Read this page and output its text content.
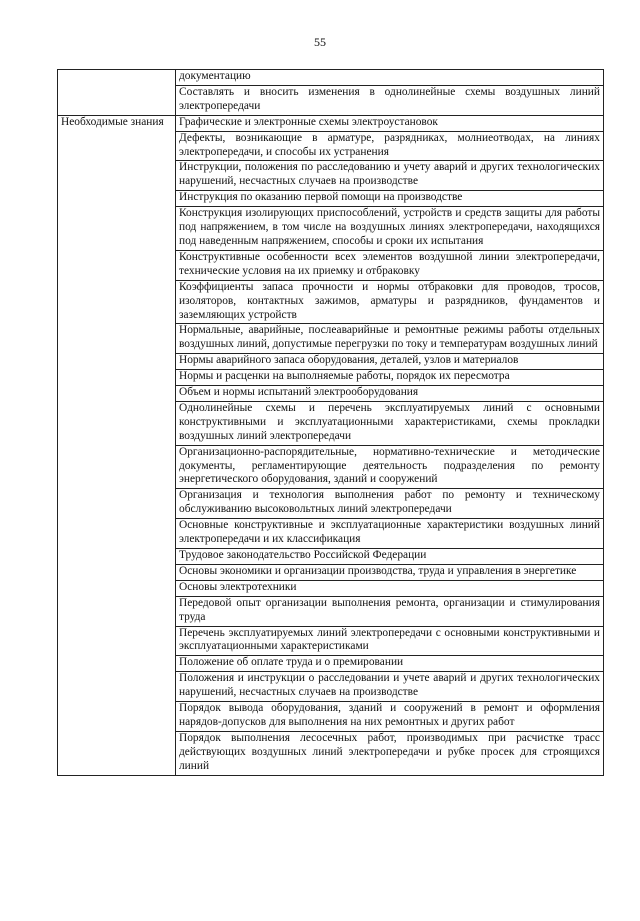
55
	документацию
	Составлять и вносить изменения в однолинейные схемы воздушных линий электропередачи
Необходимые знания	Графические и электронные схемы электроустановок
	Дефекты, возникающие в арматуре, разрядниках, молниеотводах, на линиях электропередачи, и способы их устранения
	Инструкции, положения по расследованию и учету аварий и других технологических нарушений, несчастных случаев на производстве
	Инструкция по оказанию первой помощи на производстве
	Конструкция изолирующих приспособлений, устройств и средств защиты для работы под напряжением, в том числе на воздушных линиях электропередачи, находящихся под наведенным напряжением, способы и сроки их испытания
	Конструктивные особенности всех элементов воздушной линии электропередачи, технические условия на их приемку и отбраковку
	Коэффициенты запаса прочности и нормы отбраковки для проводов, тросов, изоляторов, контактных зажимов, арматуры и разрядников, фундаментов и заземляющих устройств
	Нормальные, аварийные, послеаварийные и ремонтные режимы работы отдельных воздушных линий, допустимые перегрузки по току и температурам воздушных линий
	Нормы аварийного запаса оборудования, деталей, узлов и материалов
	Нормы и расценки на выполняемые работы, порядок их пересмотра
	Объем и нормы испытаний электрооборудования
	Однолинейные схемы и перечень эксплуатируемых линий с основными конструктивными и эксплуатационными характеристиками, схемы прокладки воздушных линий электропередачи
	Организационно-распорядительные, нормативно-технические и методические документы, регламентирующие деятельность подразделения по ремонту энергетического оборудования, зданий и сооружений
	Организация и технология выполнения работ по ремонту и техническому обслуживанию высоковольтных линий электропередачи
	Основные конструктивные и эксплуатационные характеристики воздушных линий электропередачи и их классификация
	Трудовое законодательство Российской Федерации
	Основы экономики и организации производства, труда и управления в энергетике
	Основы электротехники
	Передовой опыт организации выполнения ремонта, организации и стимулирования труда
	Перечень эксплуатируемых линий электропередачи с основными конструктивными и эксплуатационными характеристиками
	Положение об оплате труда и о премировании
	Положения и инструкции о расследовании и учете аварий и других технологических нарушений, несчастных случаев на производстве
	Порядок вывода оборудования, зданий и сооружений в ремонт и оформления нарядов-допусков для выполнения на них ремонтных и других работ
	Порядок выполнения лесосечных работ, производимых при расчистке трасс действующих воздушных линий электропередачи и рубке просек для строящихся линий
